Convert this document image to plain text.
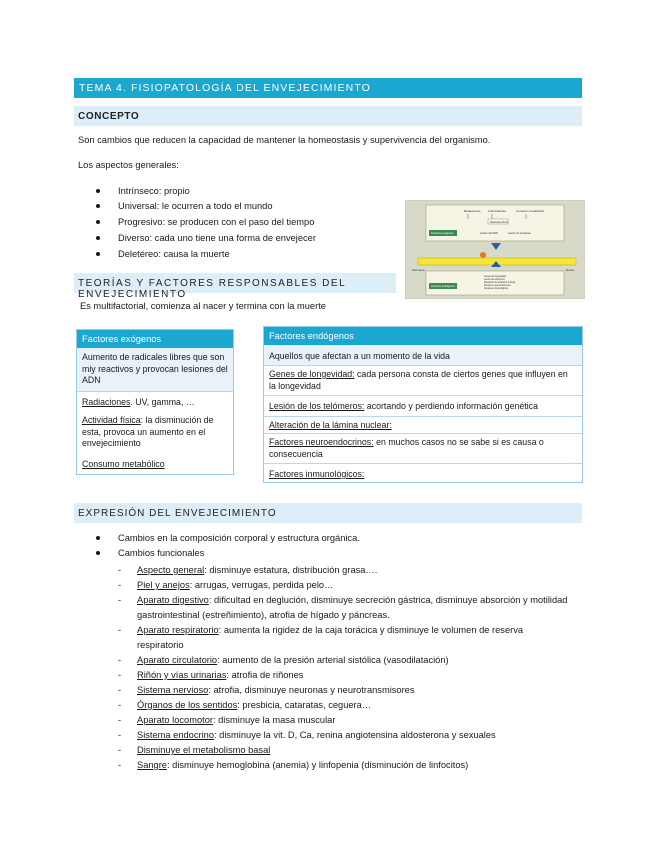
TEMA 4. FISIOPATOLOGÍA DEL ENVEJECIMIENTO
CONCEPTO
Son cambios que reducen la capacidad de mantener la homeostasis y supervivencia del organismo.
Los aspectos generales:
Intrínseco: propio
Universal: le ocurren a todo el mundo
Progresivo: se producen con el paso del tiempo
Diverso: cada uno tiene una forma de envejecer
Deletéreo: causa la muerte
Radiaciones Antioxidantes	Consumo metabólico
Radicales libres
Factores exógenos	Lesión del ADN	Lesión de proteínas
Nacimiento	Muerte
Factores endógenos
Genes de longevidad
Lesión de telómeros
Alteración de la lámina nuclear
Factores neuroendocrinos
Factores inmunológicos
TEORÍAS Y FACTORES RESPONSABLES DEL ENVEJECIMIENTO
Es multifactorial, comienza al nacer y termina con la muerte
Factores exógenos
Aumento de radicales libres que son miy reactivos y provocan lesiones del ADN
Radiaciones. UV, gamma, …
Actividad física: la disminución de esta, provoca un aumento en el envejecimiento
Consumo metabólico
Factores endógenos
Aquellos que afectan a un momento de la vida
Genes de longevidad: cada persona consta de ciertos genes que influyen en la longevidad
Lesión de los telómeros: acortando y perdiendo información genética
Alteración de la lámina nuclear:
Factores neuroendocrinos: en muchos casos no se sabe si es causa o consecuencia
Factores inmunológicos:
EXPRESIÓN DEL ENVEJECIMIENTO
Cambios en la composición corporal y estructura orgánica.
Cambios funcionales
- Aspecto general: disminuye estatura, distribución grasa….
- Piel y anejos: arrugas, verrugas, perdida pelo…
- Aparato digestivo: dificultad en deglución, disminuye secreción gástrica, disminuye absorción y motilidad gastrointestinal (estreñimiento), atrofia de hígado y páncreas.
- Aparato respiratorio: aumenta la rigidez de la caja torácica y disminuye le volumen de reserva respiratorio
- Aparato circulatorio: aumento de la presión arterial sistólica (vasodilatación)
- Riñón y vías urinarias: atrofia de riñones
- Sistema nervioso: atrofia, disminuye neuronas y neurotransmisores
- Órganos de los sentidos: presbicia, cataratas, ceguera…
- Aparato locomotor: disminuye la masa muscular
- Sistema endocrino: disminuye la vit. D, Ca, renina angiotensina aldosterona y sexuales
- Disminuye el metabolismo basal
- Sangre: disminuye hemoglobina (anemia) y linfopenia (disminución de linfocitos)
